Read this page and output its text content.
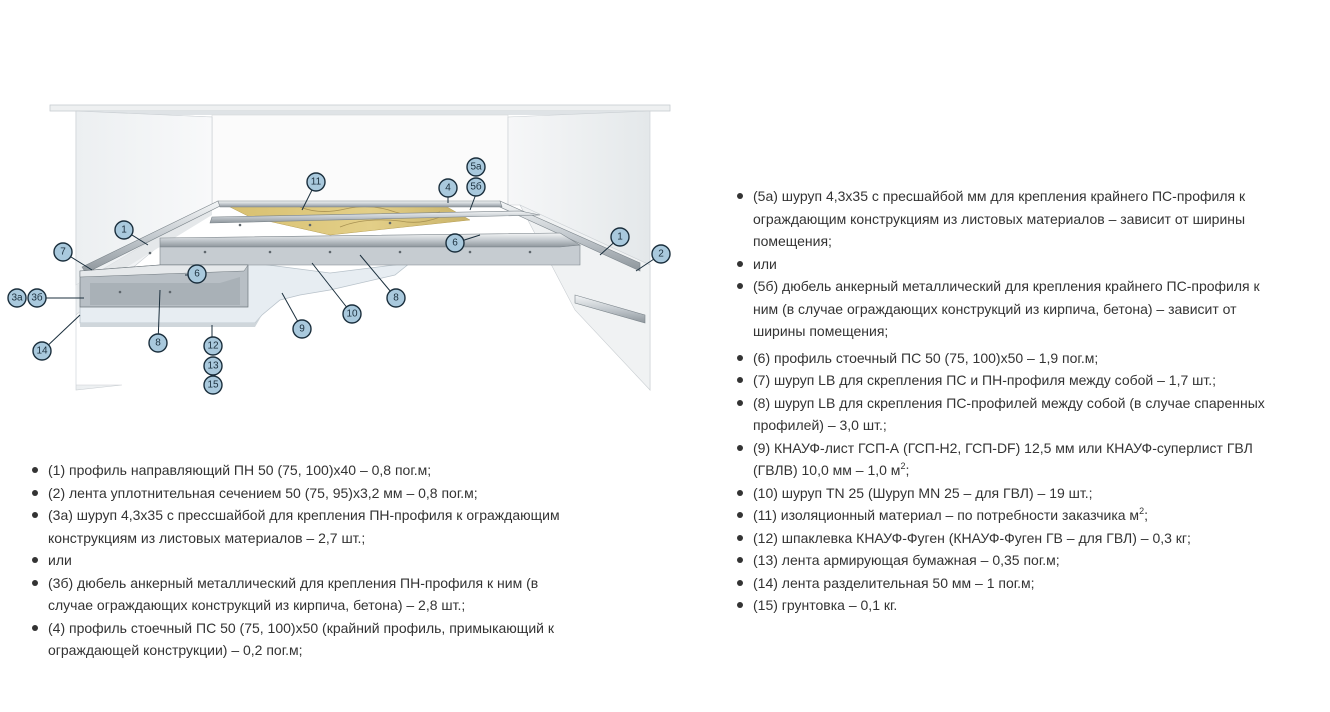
1
1
2
3а 3б
4
5а
5б
6
6
7
8
8
9
10
11
12
13
14
15
(1) профиль направляющий ПН 50 (75, 100)x40 – 0,8 пог.м;
(2) лента уплотнительная сечением 50 (75, 95)x3,2 мм – 0,8 пог.м;
(3а) шуруп 4,3x35 с прессшайбой для крепления ПН-профиля к ограждающим конструкциям из листовых материалов – 2,7 шт.;
или
(3б) дюбель анкерный металлический для крепления ПН-профиля к ним (в случае ограждающих конструкций из кирпича, бетона) – 2,8 шт.;
(4) профиль стоечный ПС 50 (75, 100)x50 (крайний профиль, примыкающий к ограждающей конструкции) – 0,2 пог.м;
(5а) шуруп 4,3x35 с пресшайбой мм для крепления крайнего ПС-профиля к ограждающим конструкциям из листовых материалов – зависит от ширины помещения;
или
(5б) дюбель анкерный металлический для крепления крайнего ПС-профиля к ним (в случае ограждающих конструкций из кирпича, бетона) – зависит от ширины помещения;
(6) профиль стоечный ПС 50 (75, 100)x50 – 1,9 пог.м;
(7) шуруп LB для скрепления ПС и ПН-профиля между собой – 1,7 шт.;
(8) шуруп LB для скрепления ПС-профилей между собой (в случае спаренных профилей) – 3,0 шт.;
(9) КНАУФ-лист ГСП-А (ГСП-Н2, ГСП-DF) 12,5 мм или КНАУФ-суперлист ГВЛ (ГВЛВ) 10,0 мм – 1,0 $м^2$;
(10) шуруп TN 25 (Шуруп MN 25 – для ГВЛ) – 19 шт.;
(11) изоляционный материал – по потребности заказчика $м^2$;
(12) шпаклевка КНАУФ-Фуген (КНАУФ-Фуген ГВ – для ГВЛ) – 0,3 кг;
(13) лента армирующая бумажная – 0,35 пог.м;
(14) лента разделительная 50 мм – 1 пог.м;
(15) грунтовка – 0,1 кг.
